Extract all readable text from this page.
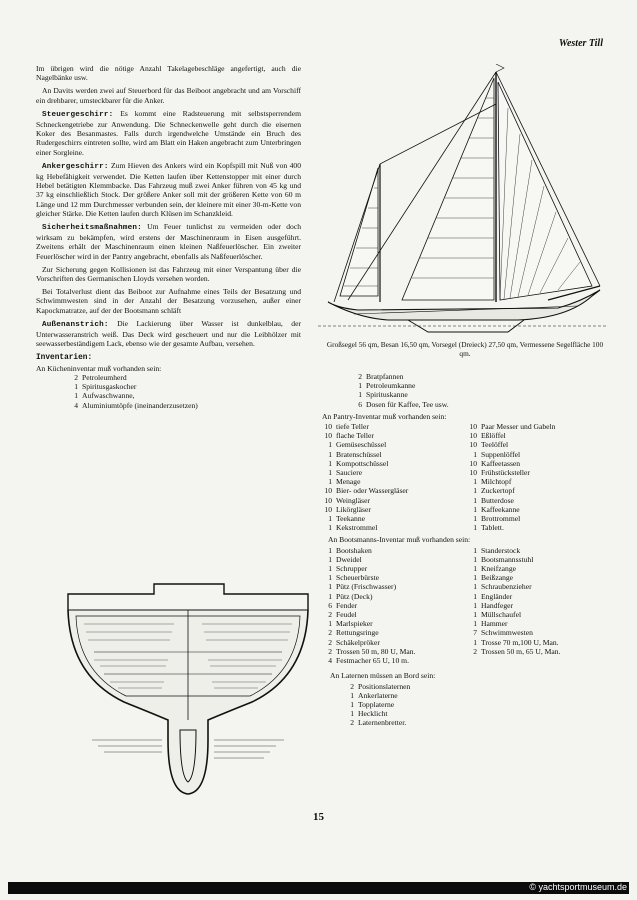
Wester Till

Im übrigen wird die nötige Anzahl Takelagebeschläge angefertigt, auch die Nagelbänke usw.

An Davits werden zwei auf Steuerbord für das Beiboot angebracht und am Vorschiff ein drehbarer, umsteckbarer für die Anker.

Steuergeschirr: Es kommt eine Radsteuerung mit selbstsperrendem Schneckengetriebe zur Anwendung. Die Schneckenwelle geht durch die eisernen Koker des Besanmastes. Falls durch irgendwelche Umstände ein Bruch des Rudergeschirrs eintreten sollte, wird am Blatt ein Haken angebracht zum Unterbringen einer Sorgleine.

Ankergeschirr: Zum Hieven des Ankers wird ein Kopfspill mit Nuß von 400 kg Hebefähigkeit verwendet. Die Ketten laufen über Kettenstopper mit einer durch Hebel betätigten Klemmbacke. Das Fahrzeug muß zwei Anker führen von 45 kg und 37 kg einschließlich Stock. Der größere Anker soll mit der größeren Kette von 60 m Länge und 12 mm Durchmesser verbunden sein, der kleinere mit einer 30-m-Kette von gleicher Stärke. Die Ketten laufen durch Klüsen im Schanzkleid.

Sicherheitsmaßnahmen: Um Feuer tunlichst zu vermeiden oder doch wirksam zu bekämpfen, wird erstens der Maschinenraum in Eisen ausgeführt. Zweitens erhält der Maschinenraum einen kleinen Naßfeuerlöscher. Ein zweiter Feuerlöscher wird in der Pantry angebracht, ebenfalls als Naßfeuerlöscher.

Zur Sicherung gegen Kollisionen ist das Fahrzeug mit einer Verspantung über die Vorschriften des Germanischen Lloyds versehen worden.

Bei Totalverlust dient das Beiboot zur Aufnahme eines Teils der Besatzung und Schwimmwesten sind in der Anzahl der Besatzung vorzusehen, außer einer Kapockmatratze, auf der der Bootsmann schläft

Außenanstrich: Die Lackierung über Wasser ist dunkelblau, der Unterwasseranstrich weiß. Das Deck wird gescheuert und nur die Leibhölzer mit seewasserbeständigem Lack, ebenso wie der gesamte Aufbau, versehen.

Inventarien:
An Kücheninventar muß vorhanden sein:
2 Petroleumherd
1 Spiritusgaskocher
1 Aufwaschwanne,
4 Aluminiumtöpfe (ineinanderzusetzen)
Großsegel 56 qm, Besan 16,50 qm, Vorsegel (Dreieck) 27,50 qm, Vermessene Segelfläche 100 qm.
2 Bratpfannen
1 Petroleumkanne
1 Spirituskanne
6 Dosen für Kaffee, Tee usw.
An Pantry-Inventar muß vorhanden sein:
10 tiefe Teller
10 flache Teller
1 Gemüseschüssel
1 Bratenschüssel
1 Kompottschüssel
1 Sauciere
1 Menage
10 Bier- oder Wassergläser
10 Weingläser
10 Likörgläser
1 Teekanne
1 Kekstrommel
10 Paar Messer und Gabeln
10 Eßlöffel
10 Teelöffel
1 Suppenlöffel
10 Kaffeetassen
10 Frühstücksteller
1 Milchtopf
1 Zuckertopf
1 Butterdose
1 Kaffeekanne
1 Brottrommel
1 Tablett.
An Bootsmanns-Inventar muß vorhanden sein:
1 Bootshaken
1 Dweidel
1 Schrupper
1 Scheuerbürste
1 Pütz (Frischwasser)
1 Pütz (Deck)
6 Fender
2 Feudel
1 Marlspieker
2 Rettungsringe
2 Schäkelpröker
2 Trossen 50 m, 80 U, Man.
4 Festmacher 65 U, 10 m.
1 Standerstock
1 Bootsmannsstuhl
1 Kneifzange
1 Beißzange
1 Schraubenzieher
1 Engländer
1 Handfeger
1 Müllschaufel
1 Hammer
7 Schwimmwesten
1 Trosse 70 m,100 U, Man.
2 Trossen 50 m, 65 U, Man.
An Laternen müssen an Bord sein:
2 Positionslaternen
1 Ankerlaterne
1 Topplaterne
1 Hecklicht
2 Laternenbretter.
15
© yachtsportmuseum.de
